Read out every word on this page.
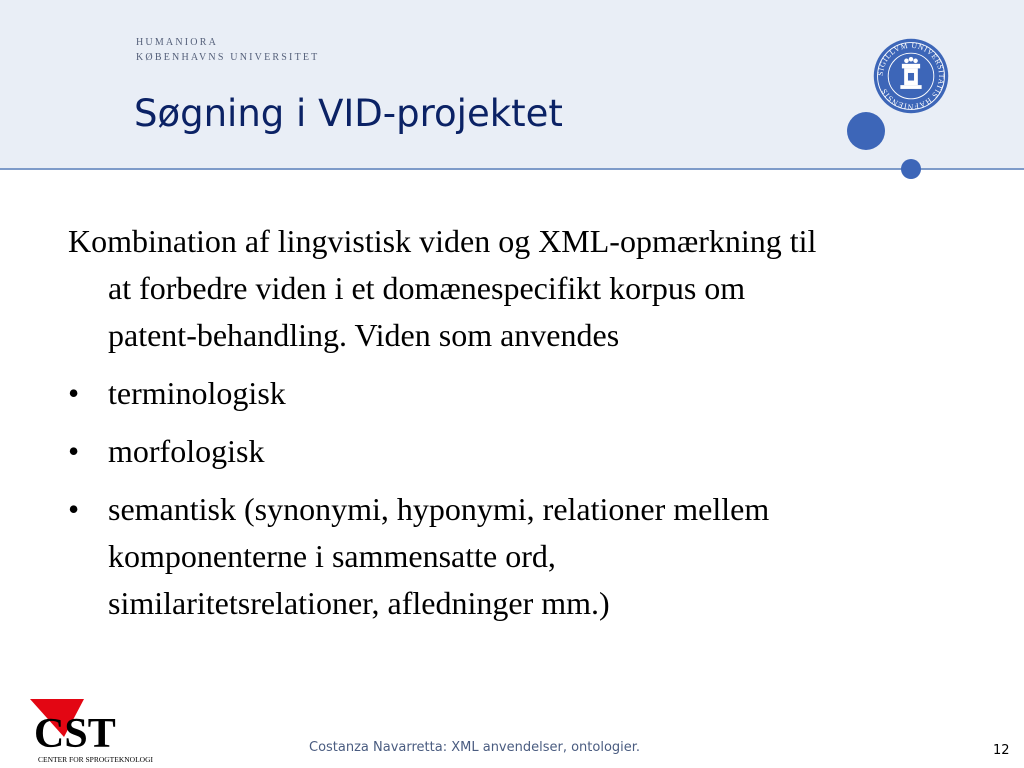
HUMANIORA
KØBENHAVNS UNIVERSITET
Søgning i VID-projektet
SIGILLVM UNIVERSITATIS HAFNIENSIS

Kombination af lingvistisk viden og XML-opmærkning til at forbedre viden i et domænespecifikt korpus om patent-behandling. Viden som anvendes

• terminologisk
• morfologisk
• semantisk (synonymi, hyponymi, relationer mellem komponenterne i sammensatte ord, similaritetsrelationer, afledninger mm.)
CST
CENTER FOR SPROGTEKNOLOGI
Costanza Navarretta: XML anvendelser, ontologier.	12
